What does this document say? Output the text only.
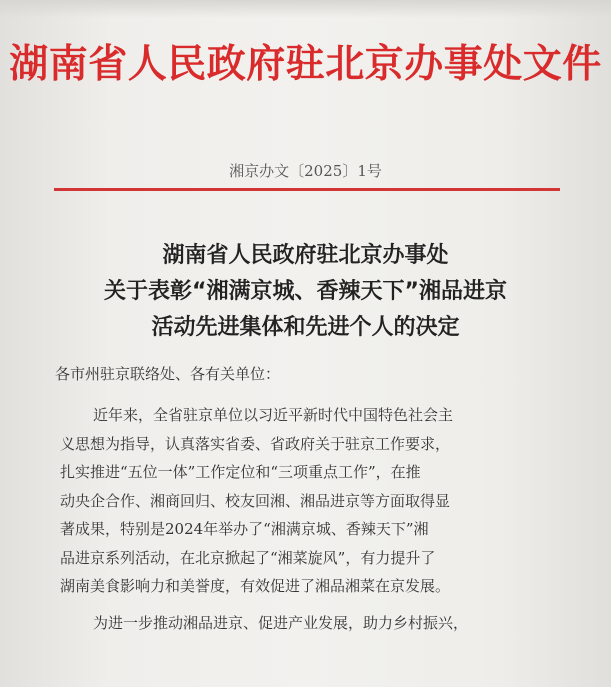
湖南省人民政府驻北京办事处文件
湘京办文〔2025〕1号
湖南省人民政府驻北京办事处
关于表彰“湘满京城、香辣天下”湘品进京
活动先进集体和先进个人的决定
各市州驻京联络处、各有关单位：
近年来，全省驻京单位以习近平新时代中国特色社会主
义思想为指导，认真落实省委、省政府关于驻京工作要求，
扎实推进“五位一体”工作定位和“三项重点工作”，在推
动央企合作、湘商回归、校友回湘、湘品进京等方面取得显
著成果，特别是2024年举办了“湘满京城、香辣天下”湘
品进京系列活动，在北京掀起了“湘菜旋风”，有力提升了
湖南美食影响力和美誉度，有效促进了湘品湘菜在京发展。
为进一步推动湘品进京、促进产业发展，助力乡村振兴，
